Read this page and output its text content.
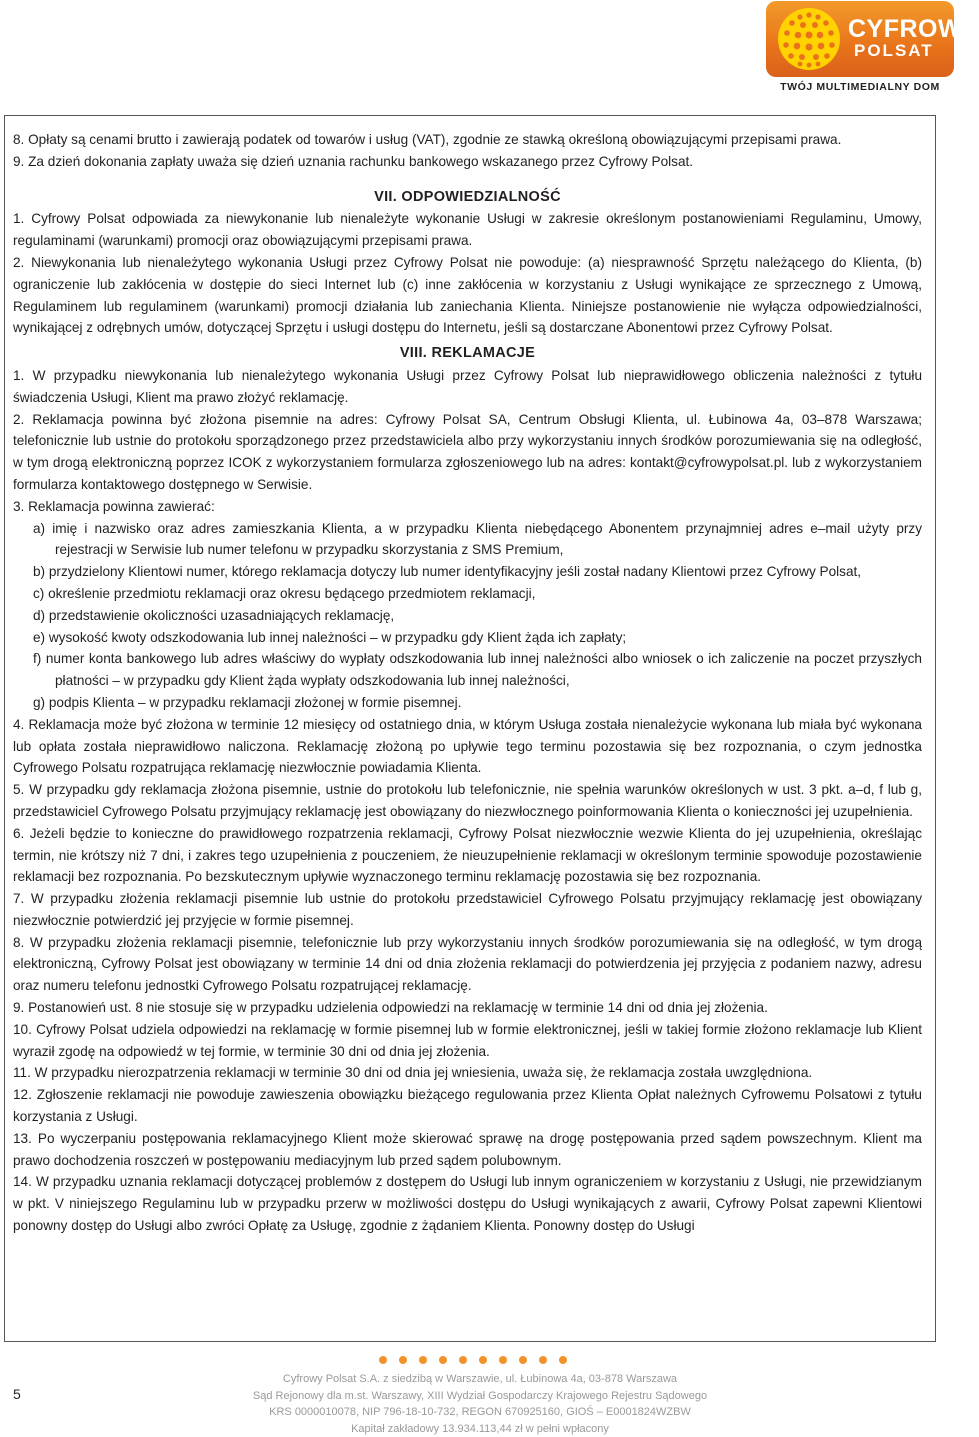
CYFROWY
POLSAT
TWÓJ MULTIMEDIALNY DOM

8. Opłaty są cenami brutto i zawierają podatek od towarów i usług (VAT), zgodnie ze stawką określoną obowiązującymi przepisami prawa.

9. Za dzień dokonania zapłaty uważa się dzień uznania rachunku bankowego wskazanego przez Cyfrowy Polsat.

VII. ODPOWIEDZIALNOŚĆ

1. Cyfrowy Polsat odpowiada za niewykonanie lub nienależyte wykonanie Usługi w zakresie określonym postanowieniami Regulaminu, Umowy, regulaminami (warunkami) promocji oraz obowiązującymi przepisami prawa.

2. Niewykonania lub nienależytego wykonania Usługi przez Cyfrowy Polsat nie powoduje: (a) niesprawność Sprzętu należącego do Klienta, (b) ograniczenie lub zakłócenia w dostępie do sieci Internet lub (c) inne zakłócenia w korzystaniu z Usługi wynikające ze sprzecznego z Umową, Regulaminem lub regulaminem (warunkami) promocji działania lub zaniechania Klienta. Niniejsze postanowienie nie wyłącza odpowiedzialności, wynikającej z odrębnych umów, dotyczącej Sprzętu i usługi dostępu do Internetu, jeśli są dostarczane Abonentowi przez Cyfrowy Polsat.

VIII. REKLAMACJE

1. W przypadku niewykonania lub nienależytego wykonania Usługi przez Cyfrowy Polsat lub nieprawidłowego obliczenia należności z tytułu świadczenia Usługi, Klient ma prawo złożyć reklamację.

2. Reklamacja powinna być złożona pisemnie na adres: Cyfrowy Polsat SA, Centrum Obsługi Klienta, ul. Łubinowa 4a, 03–878 Warszawa; telefonicznie lub ustnie do protokołu sporządzonego przez przedstawiciela albo przy wykorzystaniu innych środków porozumiewania się na odległość, w tym drogą elektroniczną poprzez ICOK z wykorzystaniem formularza zgłoszeniowego lub na adres: kontakt@cyfrowypolsat.pl. lub z wykorzystaniem formularza kontaktowego dostępnego w Serwisie.

3. Reklamacja powinna zawierać:

a) imię i nazwisko oraz adres zamieszkania Klienta, a w przypadku Klienta niebędącego Abonentem przynajmniej adres e–mail użyty przy rejestracji w Serwisie lub numer telefonu w przypadku skorzystania z SMS Premium,

b) przydzielony Klientowi numer, którego reklamacja dotyczy lub numer identyfikacyjny jeśli został nadany Klientowi przez Cyfrowy Polsat,

c) określenie przedmiotu reklamacji oraz okresu będącego przedmiotem reklamacji,

d) przedstawienie okoliczności uzasadniających reklamację,

e) wysokość kwoty odszkodowania lub innej należności – w przypadku gdy Klient żąda ich zapłaty;

f) numer konta bankowego lub adres właściwy do wypłaty odszkodowania lub innej należności albo wniosek o ich zaliczenie na poczet przyszłych płatności – w przypadku gdy Klient żąda wypłaty odszkodowania lub innej należności,

g) podpis Klienta – w przypadku reklamacji złożonej w formie pisemnej.

4. Reklamacja może być złożona w terminie 12 miesięcy od ostatniego dnia, w którym Usługa została nienależycie wykonana lub miała być wykonana lub opłata została nieprawidłowo naliczona. Reklamację złożoną po upływie tego terminu pozostawia się bez rozpoznania, o czym jednostka Cyfrowego Polsatu rozpatrująca reklamację niezwłocznie powiadamia Klienta.

5. W przypadku gdy reklamacja złożona pisemnie, ustnie do protokołu lub telefonicznie, nie spełnia warunków określonych w ust. 3 pkt. a–d, f lub g, przedstawiciel Cyfrowego Polsatu przyjmujący reklamację jest obowiązany do niezwłocznego poinformowania Klienta o konieczności jej uzupełnienia.

6. Jeżeli będzie to konieczne do prawidłowego rozpatrzenia reklamacji, Cyfrowy Polsat niezwłocznie wezwie Klienta do jej uzupełnienia, określając termin, nie krótszy niż 7 dni, i zakres tego uzupełnienia z pouczeniem, że nieuzupełnienie reklamacji w określonym terminie spowoduje pozostawienie reklamacji bez rozpoznania. Po bezskutecznym upływie wyznaczonego terminu reklamację pozostawia się bez rozpoznania.

7. W przypadku złożenia reklamacji pisemnie lub ustnie do protokołu przedstawiciel Cyfrowego Polsatu przyjmujący reklamację jest obowiązany niezwłocznie potwierdzić jej przyjęcie w formie pisemnej.

8. W przypadku złożenia reklamacji pisemnie, telefonicznie lub przy wykorzystaniu innych środków porozumiewania się na odległość, w tym drogą elektroniczną, Cyfrowy Polsat jest obowiązany w terminie 14 dni od dnia złożenia reklamacji do potwierdzenia jej przyjęcia z podaniem nazwy, adresu oraz numeru telefonu jednostki Cyfrowego Polsatu rozpatrującej reklamację.

9. Postanowień ust. 8 nie stosuje się w przypadku udzielenia odpowiedzi na reklamację w terminie 14 dni od dnia jej złożenia.

10. Cyfrowy Polsat udziela odpowiedzi na reklamację w formie pisemnej lub w formie elektronicznej, jeśli w takiej formie złożono reklamacje lub Klient wyraził zgodę na odpowiedź w tej formie, w terminie 30 dni od dnia jej złożenia.

11. W przypadku nierozpatrzenia reklamacji w terminie 30 dni od dnia jej wniesienia, uważa się, że reklamacja została uwzględniona.

12. Zgłoszenie reklamacji nie powoduje zawieszenia obowiązku bieżącego regulowania przez Klienta Opłat należnych Cyfrowemu Polsatowi z tytułu korzystania z Usługi.

13. Po wyczerpaniu postępowania reklamacyjnego Klient może skierować sprawę na drogę postępowania przed sądem powszechnym. Klient ma prawo dochodzenia roszczeń w postępowaniu mediacyjnym lub przed sądem polubownym.

14. W przypadku uznania reklamacji dotyczącej problemów z dostępem do Usługi lub innym ograniczeniem w korzystaniu z Usługi, nie przewidzianym w pkt. V niniejszego Regulaminu lub w przypadku przerw w możliwości dostępu do Usługi wynikających z awarii, Cyfrowy Polsat zapewni Klientowi ponowny dostęp do Usługi albo zwróci Opłatę za Usługę, zgodnie z żądaniem Klienta. Ponowny dostęp do Usługi

5
Cyfrowy Polsat S.A. z siedzibą w Warszawie, ul. Łubinowa 4a, 03-878 Warszawa
Sąd Rejonowy dla m.st. Warszawy, XIII Wydział Gospodarczy Krajowego Rejestru Sądowego
KRS 0000010078, NIP 796-18-10-732, REGON 670925160, GIOŚ – E0001824WZBW
Kapitał zakładowy 13.934.113,44 zł w pełni wpłacony
